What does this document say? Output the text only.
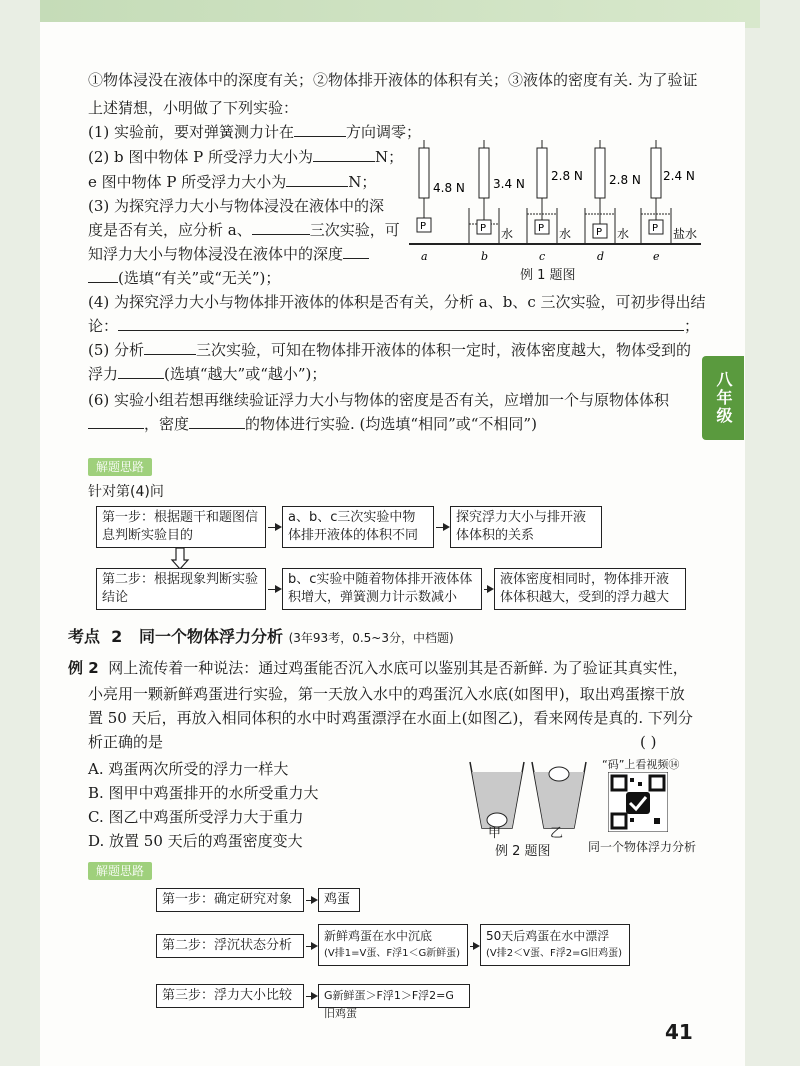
八年级
①物体浸没在液体中的深度有关；②物体排开液体的体积有关；③液体的密度有关. 为了验证
上述猜想，小明做了下列实验：
(1) 实验前，要对弹簧测力计在	方向调零；
(2) b 图中物体 P 所受浮力大小为	N；
e 图中物体 P 所受浮力大小为	N；
(3) 为探究浮力大小与物体浸没在液体中的深
度是否有关，应分析 a、	三次实验，可
知浮力大小与物体浸没在液体中的深度
(选填“有关”或“无关”)；
4.8 N 3.4 N
2.8 N 2.8 N 2.4 N
P	P	P	P	P
水	水	水	盐水
a	b	c	d	e
例 1 题图
(4) 为探究浮力大小与物体排开液体的体积是否有关，分析 a、b、c 三次实验，可初步得出结
论：	；
(5) 分析	三次实验，可知在物体排开液体的体积一定时，液体密度越大，物体受到的
浮力	(选填“越大”或“越小”)；
(6) 实验小组若想再继续验证浮力大小与物体的密度是否有关，应增加一个与原物体体积
，密度	的物体进行实验. (均选填“相同”或“不相同”)
解题思路
针对第(4)问
第一步：根据题干和题图信息判断实验目的
a、b、c三次实验中物体排开液体的体积不同
探究浮力大小与排开液体体积的关系
第二步：根据现象判断实验结论
b、c实验中随着物体排开液体体积增大，弹簧测力计示数减小
液体密度相同时，物体排开液体体积越大，受到的浮力越大
考点 2 同一个物体浮力分析 (3年93考，0.5~3分，中档题)
例 2 网上流传着一种说法：通过鸡蛋能否沉入水底可以鉴别其是否新鲜. 为了验证其真实性，
小亮用一颗新鲜鸡蛋进行实验，第一天放入水中的鸡蛋沉入水底(如图甲)，取出鸡蛋擦干放
置 50 天后，再放入相同体积的水中时鸡蛋漂浮在水面上(如图乙)，看来网传是真的. 下列分
析正确的是	( )
A. 鸡蛋两次所受的浮力一样大
B. 图甲中鸡蛋排开的水所受重力大
C. 图乙中鸡蛋所受浮力大于重力
D. 放置 50 天后的鸡蛋密度变大	甲	乙
例 2 题图
“码”上看视频⑭
同一个物体浮力分析
解题思路
第一步：确定研究对象	鸡蛋
第二步：浮沉状态分析
新鲜鸡蛋在水中沉底
(V排1=V蛋、F浮1＜G新鲜蛋)
50天后鸡蛋在水中漂浮
(V排2＜V蛋、F浮2=G旧鸡蛋)
第三步：浮力大小比较	G新鲜蛋＞F浮1＞F浮2=G旧鸡蛋
41
